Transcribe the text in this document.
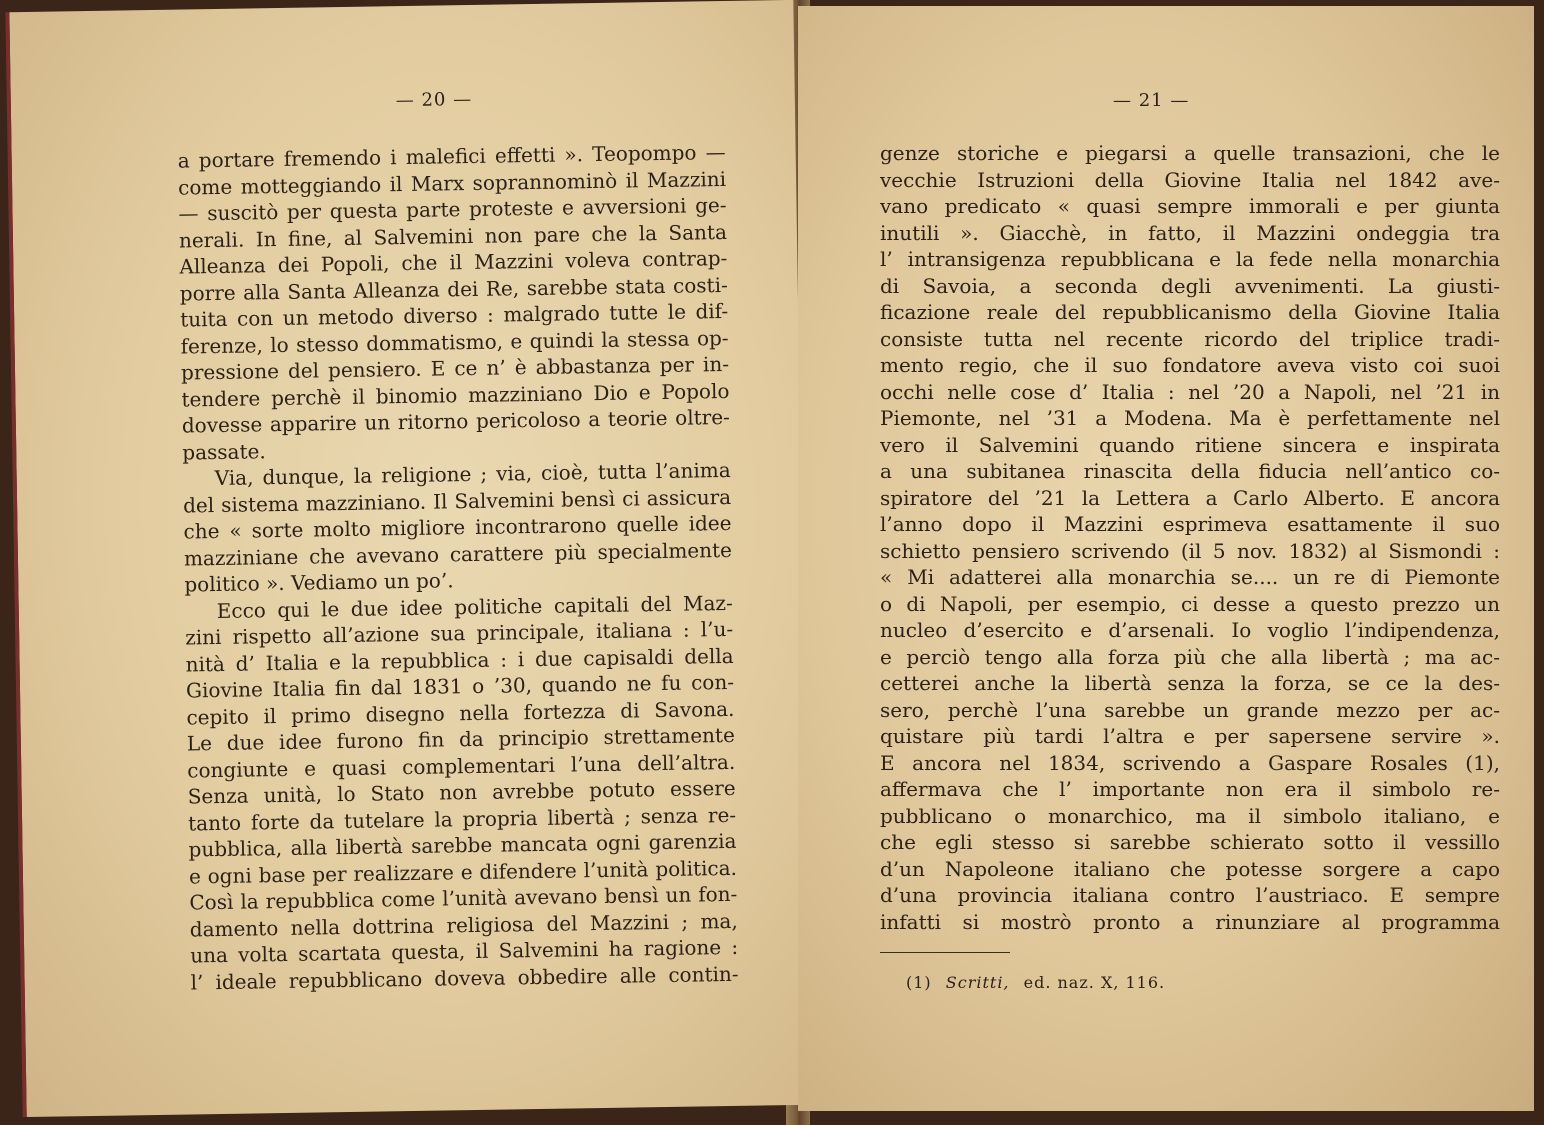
— 20 —
a portare fremendo i malefici effetti ». Teopompo —
come motteggiando il Marx soprannominò il Mazzini
— suscitò per questa parte proteste e avversioni ge-
nerali. In fine, al Salvemini non pare che la Santa
Alleanza dei Popoli, che il Mazzini voleva contrap-
porre alla Santa Alleanza dei Re, sarebbe stata costi-
tuita con un metodo diverso : malgrado tutte le dif-
ferenze, lo stesso dommatismo, e quindi la stessa op-
pressione del pensiero. E ce n’ è abbastanza per in-
tendere perchè il binomio mazziniano Dio e Popolo
dovesse apparire un ritorno pericoloso a teorie oltre-
passate.
Via, dunque, la religione ; via, cioè, tutta l’anima
del sistema mazziniano. Il Salvemini bensì ci assicura
che « sorte molto migliore incontrarono quelle idee
mazziniane che avevano carattere più specialmente
politico ». Vediamo un po’.
Ecco qui le due idee politiche capitali del Maz-
zini rispetto all’azione sua principale, italiana : l’u-
nità d’ Italia e la repubblica : i due capisaldi della
Giovine Italia fin dal 1831 o ’30, quando ne fu con-
cepito il primo disegno nella fortezza di Savona.
Le due idee furono fin da principio strettamente
congiunte e quasi complementari l’una dell’altra.
Senza unità, lo Stato non avrebbe potuto essere
tanto forte da tutelare la propria libertà ; senza re-
pubblica, alla libertà sarebbe mancata ogni garenzia
e ogni base per realizzare e difendere l’unità politica.
Così la repubblica come l’unità avevano bensì un fon-
damento nella dottrina religiosa del Mazzini ; ma,
una volta scartata questa, il Salvemini ha ragione :
l’ ideale repubblicano doveva obbedire alle contin-
— 21 —
genze storiche e piegarsi a quelle transazioni, che le
vecchie Istruzioni della Giovine Italia nel 1842 ave-
vano predicato « quasi sempre immorali e per giunta
inutili ». Giacchè, in fatto, il Mazzini ondeggia tra
l’ intransigenza repubblicana e la fede nella monarchia
di Savoia, a seconda degli avvenimenti. La giusti-
ficazione reale del repubblicanismo della Giovine Italia
consiste tutta nel recente ricordo del triplice tradi-
mento regio, che il suo fondatore aveva visto coi suoi
occhi nelle cose d’ Italia : nel ’20 a Napoli, nel ’21 in
Piemonte, nel ’31 a Modena. Ma è perfettamente nel
vero il Salvemini quando ritiene sincera e inspirata
a una subitanea rinascita della fiducia nell’antico co-
spiratore del ’21 la Lettera a Carlo Alberto. E ancora
l’anno dopo il Mazzini esprimeva esattamente il suo
schietto pensiero scrivendo (il 5 nov. 1832) al Sismondi :
« Mi adatterei alla monarchia se.... un re di Piemonte
o di Napoli, per esempio, ci desse a questo prezzo un
nucleo d’esercito e d’arsenali. Io voglio l’indipendenza,
e perciò tengo alla forza più che alla libertà ; ma ac-
cetterei anche la libertà senza la forza, se ce la des-
sero, perchè l’una sarebbe un grande mezzo per ac-
quistare più tardi l’altra e per sapersene servire ».
E ancora nel 1834, scrivendo a Gaspare Rosales (1),
affermava che l’ importante non era il simbolo re-
pubblicano o monarchico, ma il simbolo italiano, e
che egli stesso si sarebbe schierato sotto il vessillo
d’un Napoleone italiano che potesse sorgere a capo
d’una provincia italiana contro l’austriaco. E sempre
infatti si mostrò pronto a rinunziare al programma
(1) Scritti, ed. naz. X, 116.
